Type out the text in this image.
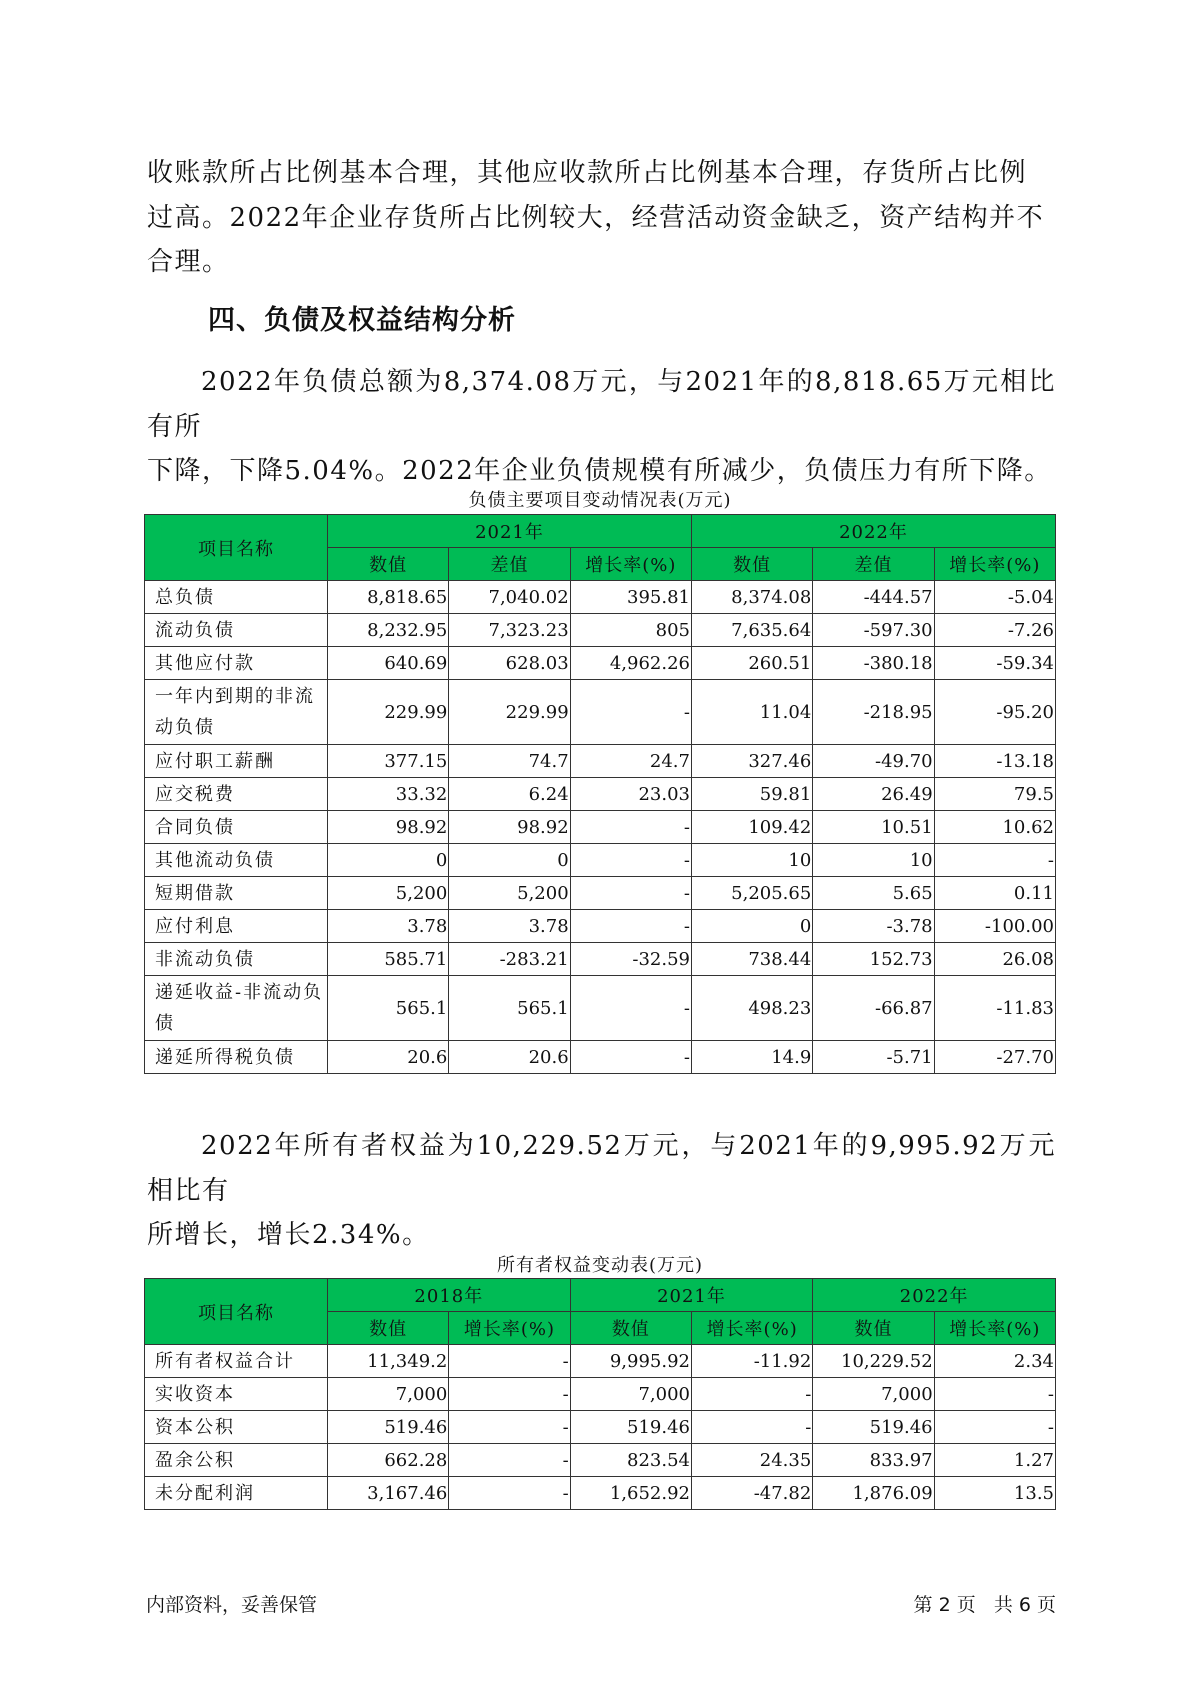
收账款所占比例基本合理，其他应收款所占比例基本合理，存货所占比例
过高。2022年企业存货所占比例较大，经营活动资金缺乏，资产结构并不
合理。
四、负债及权益结构分析
2022年负债总额为8,374.08万元，与2021年的8,818.65万元相比有所
下降，下降5.04%。2022年企业负债规模有所减少，负债压力有所下降。
负债主要项目变动情况表(万元)
项目名称	2021年			2022年		
	数值	差值	增长率(%)	数值	差值	增长率(%)
总负债	8,818.65	7,040.02	395.81	8,374.08	-444.57	-5.04
流动负债	8,232.95	7,323.23	805	7,635.64	-597.30	-7.26
其他应付款	640.69	628.03	4,962.26	260.51	-380.18	-59.34
一年内到期的非流动负债	229.99	229.99	-	11.04	-218.95	-95.20
应付职工薪酬	377.15	74.7	24.7	327.46	-49.70	-13.18
应交税费	33.32	6.24	23.03	59.81	26.49	79.5
合同负债	98.92	98.92	-	109.42	10.51	10.62
其他流动负债	0	0	-	10	10	-
短期借款	5,200	5,200	-	5,205.65	5.65	0.11
应付利息	3.78	3.78	-	0	-3.78	-100.00
非流动负债	585.71	-283.21	-32.59	738.44	152.73	26.08
递延收益-非流动负债	565.1	565.1	-	498.23	-66.87	-11.83
递延所得税负债	20.6	20.6	-	14.9	-5.71	-27.70
2022年所有者权益为10,229.52万元，与2021年的9,995.92万元相比有
所增长，增长2.34%。
所有者权益变动表(万元)
项目名称	2018年		2021年		2022年	
	数值	增长率(%)	数值	增长率(%)	数值	增长率(%)
所有者权益合计	11,349.2	-	9,995.92	-11.92	10,229.52	2.34
实收资本	7,000	-	7,000	-	7,000	-
资本公积	519.46	-	519.46	-	519.46	-
盈余公积	662.28	-	823.54	24.35	833.97	1.27
未分配利润	3,167.46	-	1,652.92	-47.82	1,876.09	13.5
内部资料，妥善保管	第 2 页   共 6 页
